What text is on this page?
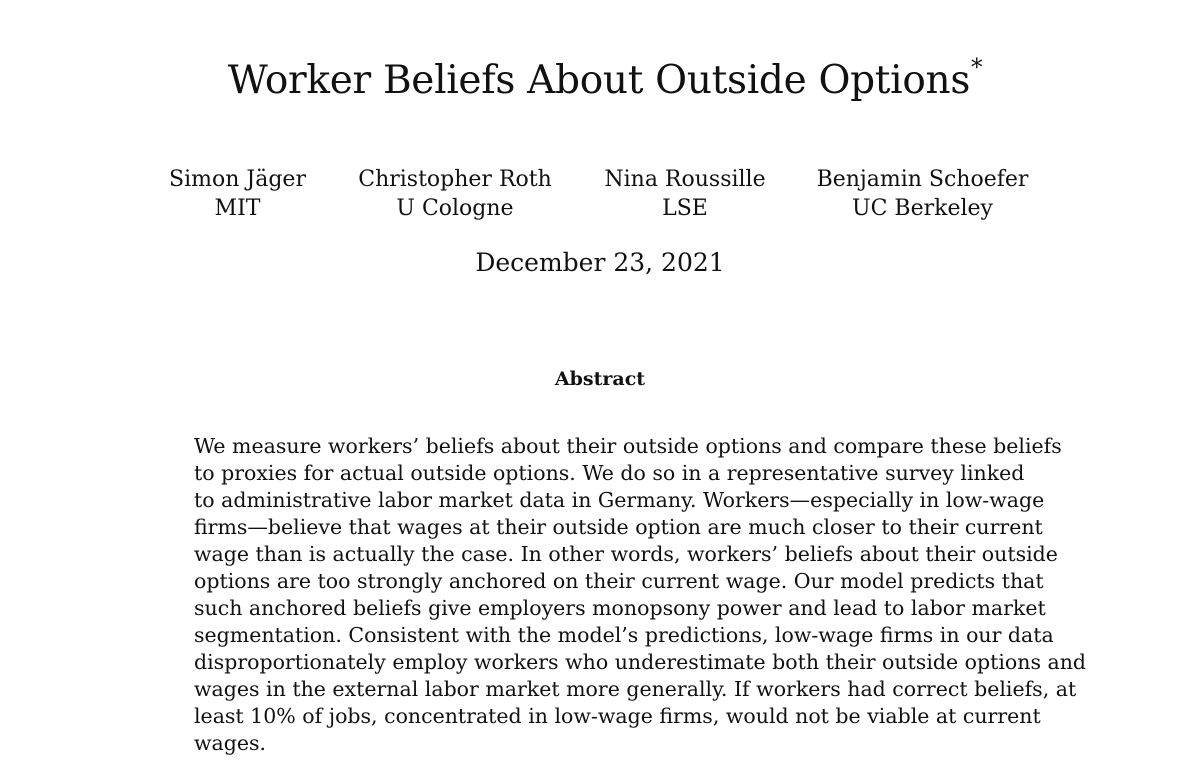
Worker Beliefs About Outside Options*
Simon Jäger
MIT
Christopher Roth
U Cologne
Nina Roussille
LSE
Benjamin Schoefer
UC Berkeley
December 23, 2021
Abstract
We measure workers’ beliefs about their outside options and compare these beliefs
to proxies for actual outside options. We do so in a representative survey linked
to administrative labor market data in Germany. Workers—especially in low-wage
firms—believe that wages at their outside option are much closer to their current
wage than is actually the case. In other words, workers’ beliefs about their outside
options are too strongly anchored on their current wage. Our model predicts that
such anchored beliefs give employers monopsony power and lead to labor market
segmentation. Consistent with the model’s predictions, low-wage firms in our data
disproportionately employ workers who underestimate both their outside options and
wages in the external labor market more generally. If workers had correct beliefs, at
least 10% of jobs, concentrated in low-wage firms, would not be viable at current
wages.
